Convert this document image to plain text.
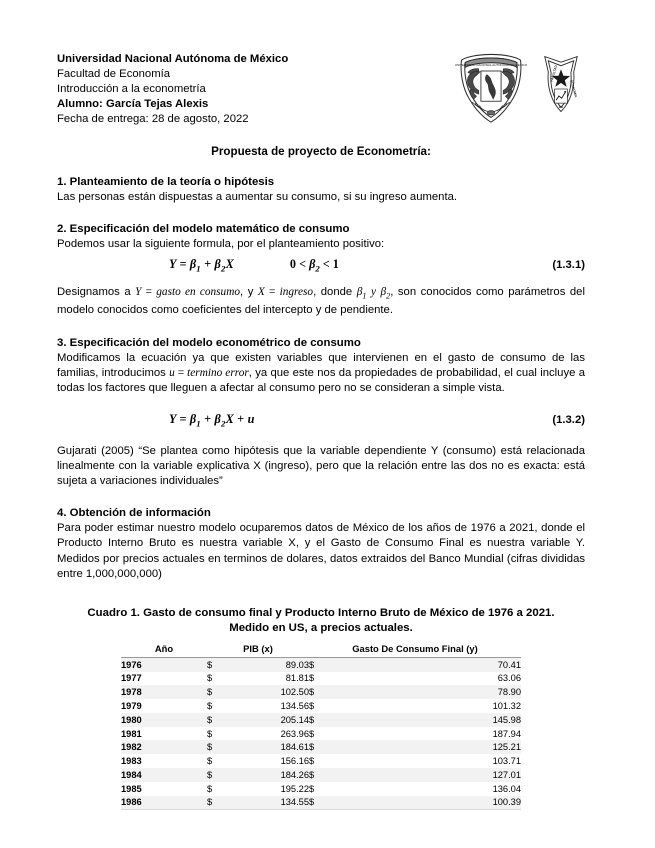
Universidad Nacional Autónoma de México
Facultad de Economía
Introducción a la econometría
Alumno: García Tejas Alexis
Fecha de entrega: 28 de agosto, 2022
UNIVERSIDAD NACIONAL AUTONOMA DE MEXICO	FACULTAD
ECONOMIA
DE
Propuesta de proyecto de Econometría:
1. Planteamiento de la teoría o hipótesis

Las personas están dispuestas a aumentar su consumo, si su ingreso aumenta.

2. Especificación del modelo matemático de consumo

Podemos usar la siguiente formula, por el planteamiento positivo:

$Y = \beta_1 + \beta_2X$	$0 < \beta_2 < 1$	(1.3.1)

Designamos a Y = gasto en consumo, y X = ingreso, donde $\beta_1$ y $\beta_2$, son conocidos como parámetros del modelo conocidos como coeficientes del intercepto y de pendiente.

3. Especificación del modelo econométrico de consumo

Modificamos la ecuación ya que existen variables que intervienen en el gasto de consumo de las familias, introducimos u = termino error, ya que este nos da propiedades de probabilidad, el cual incluye a todas los factores que lleguen a afectar al consumo pero no se consideran a simple vista.

$Y = \beta_1 + \beta_2X + u$	(1.3.2)

Gujarati (2005) “Se plantea como hipótesis que la variable dependiente Y (consumo) está relacionada linealmente con la variable explicativa X (ingreso), pero que la relación entre las dos no es exacta: está sujeta a variaciones individuales”

4. Obtención de información

Para poder estimar nuestro modelo ocuparemos datos de México de los años de 1976 a 2021, donde el Producto Interno Bruto es nuestra variable X, y el Gasto de Consumo Final es nuestra variable Y. Medidos por precios actuales en terminos de dolares, datos extraidos del Banco Mundial (cifras divididas entre 1,000,000,000)

Cuadro 1. Gasto de consumo final y Producto Interno Bruto de México de 1976 a 2021.
Medido en US, a precios actuales.
Año	PIB (x)		Gasto De Consumo Final (y)	
1976	$	89.03	$	70.41
1977	$	81.81	$	63.06
1978	$	102.50	$	78.90
1979	$	134.56	$	101.32
1980	$	205.14	$	145.98
1981	$	263.96	$	187.94
1982	$	184.61	$	125.21
1983	$	156.16	$	103.71
1984	$	184.26	$	127.01
1985	$	195.22	$	136.04
1986	$	134.55	$	100.39
